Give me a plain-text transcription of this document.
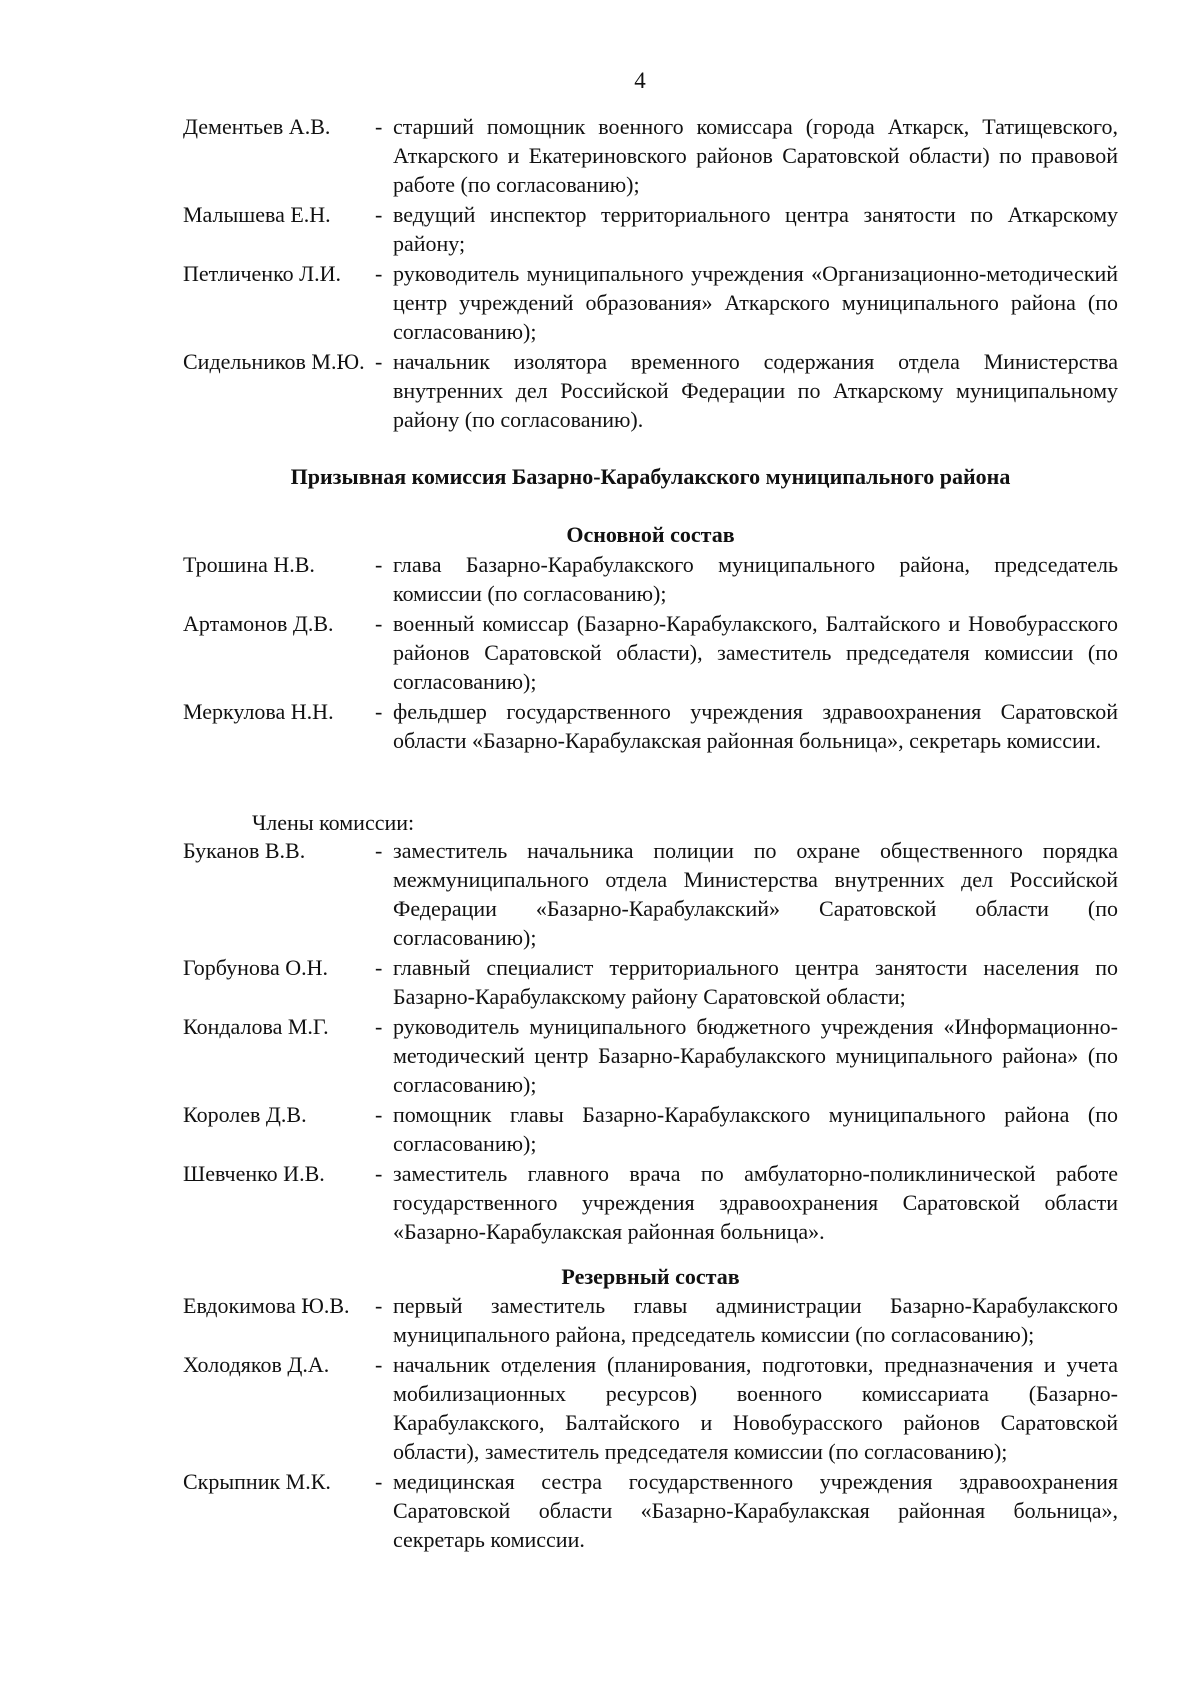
4
Дементьев А.В.	- старший помощник военного комиссара (города Аткарск, Татищевского, Аткарского и Екатериновского районов Саратовской области) по правовой работе (по согласованию);
Малышева Е.Н.	- ведущий инспектор территориального центра занятости по Аткарскому району;
Петличенко Л.И.	- руководитель муниципального учреждения «Организационно-методический центр учреждений образования» Аткарского муниципального района (по согласованию);
Сидельников М.Ю. - начальник изолятора временного содержания отдела Министерства внутренних дел Российской Федерации по Аткарскому муниципальному району (по согласованию).
Призывная комиссия Базарно-Карабулакского муниципального района
Основной состав
Трошина Н.В.	- глава Базарно-Карабулакского муниципального района, председатель комиссии (по согласованию);
Артамонов Д.В.	- военный комиссар (Базарно-Карабулакского, Балтайского и Новобурасского районов Саратовской области), заместитель председателя комиссии (по согласованию);
Меркулова Н.Н.	- фельдшер государственного учреждения здравоохранения Саратовской области «Базарно-Карабулакская районная больница», секретарь комиссии.
Члены комиссии:
Буканов В.В.	- заместитель начальника полиции по охране общественного порядка межмуниципального отдела Министерства внутренних дел Российской Федерации «Базарно-Карабулакский» Саратовской области (по согласованию);
Горбунова О.Н.	- главный специалист территориального центра занятости населения по Базарно-Карабулакскому району Саратовской области;
Кондалова М.Г.	- руководитель муниципального бюджетного учреждения «Информационно-методический центр Базарно-Карабулакского муниципального района» (по согласованию);
Королев Д.В.	- помощник главы Базарно-Карабулакского муниципального района (по согласованию);
Шевченко И.В.	- заместитель главного врача по амбулаторно-поликлинической работе государственного учреждения здравоохранения Саратовской области «Базарно-Карабулакская районная больница».
Резервный состав
Евдокимова Ю.В.	- первый заместитель главы администрации Базарно-Карабулакского муниципального района, председатель комиссии (по согласованию);
Холодяков Д.А.	- начальник отделения (планирования, подготовки, предназначения и учета мобилизационных ресурсов) военного комиссариата (Базарно-Карабулакского, Балтайского и Новобурасского районов Саратовской области), заместитель председателя комиссии (по согласованию);
Скрыпник М.К.	- медицинская сестра государственного учреждения здравоохранения Саратовской области «Базарно-Карабулакская районная больница», секретарь комиссии.
